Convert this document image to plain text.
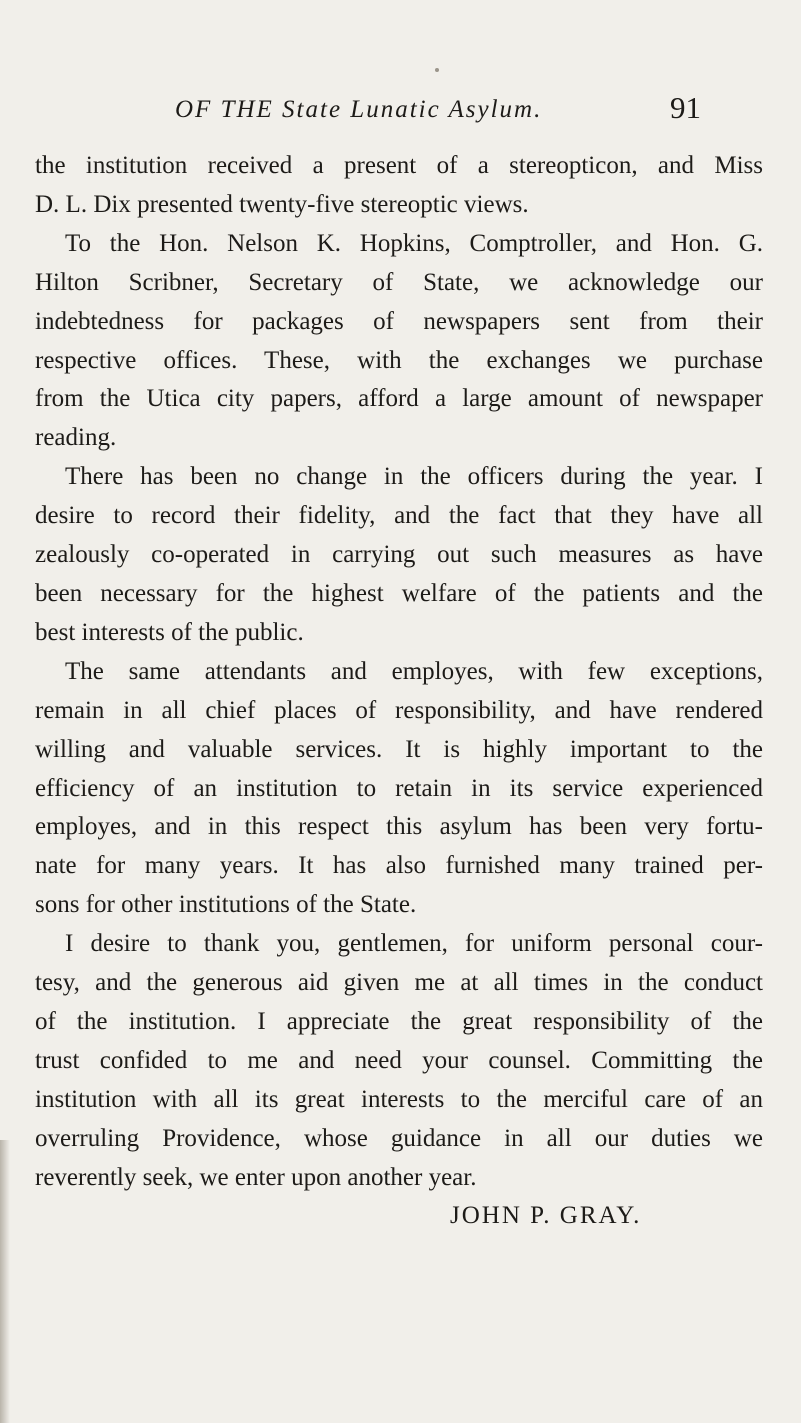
OF THE State Lunatic Asylum.	91
the institution received a present of a stereopticon, and Miss
D. L. Dix presented twenty-five stereoptic views.
To the Hon. Nelson K. Hopkins, Comptroller, and Hon. G.
Hilton Scribner, Secretary of State, we acknowledge our
indebtedness for packages of newspapers sent from their
respective offices. These, with the exchanges we purchase
from the Utica city papers, afford a large amount of newspaper
reading.
There has been no change in the officers during the year. I
desire to record their fidelity, and the fact that they have all
zealously co-operated in carrying out such measures as have
been necessary for the highest welfare of the patients and the
best interests of the public.
The same attendants and employes, with few exceptions,
remain in all chief places of responsibility, and have rendered
willing and valuable services. It is highly important to the
efficiency of an institution to retain in its service experienced
employes, and in this respect this asylum has been very fortu-
nate for many years. It has also furnished many trained per-
sons for other institutions of the State.
I desire to thank you, gentlemen, for uniform personal cour-
tesy, and the generous aid given me at all times in the conduct
of the institution. I appreciate the great responsibility of the
trust confided to me and need your counsel. Committing the
institution with all its great interests to the merciful care of an
overruling Providence, whose guidance in all our duties we
reverently seek, we enter upon another year.
JOHN P. GRAY.
